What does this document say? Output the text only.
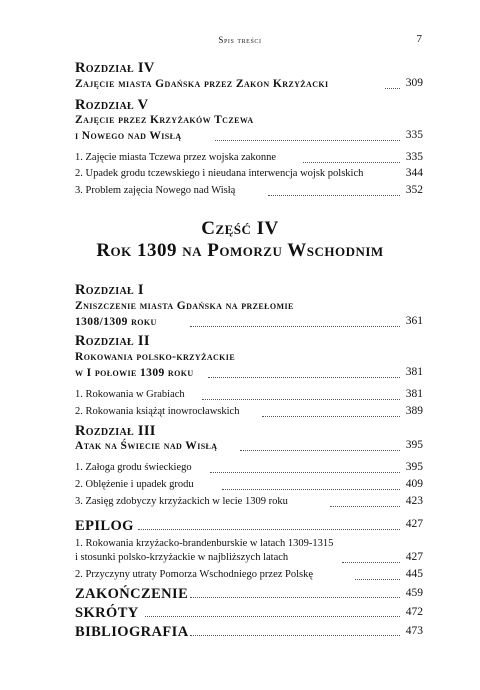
Spis treści	7
Rozdział IV
Zajęcie miasta Gdańska przez Zakon Krzyżacki	309
Rozdział V
Zajęcie przez Krzyżaków Tczewa
i Nowego nad Wisłą	335
1. Zajęcie miasta Tczewa przez wojska zakonne	335
2. Upadek grodu tczewskiego i nieudana interwencja wojsk polskich	344
3. Problem zajęcia Nowego nad Wisłą	352
Część IV
Rok 1309 na Pomorzu Wschodnim
Rozdział I
Zniszczenie miasta Gdańska na przełomie
1308/1309 roku	361
Rozdział II
Rokowania polsko-krzyżackie
w I połowie 1309 roku	381
1. Rokowania w Grabiach	381
2. Rokowania książąt inowrocławskich	389
Rozdział III
Atak na Świecie nad Wisłą	395
1. Załoga grodu świeckiego	395
2. Oblężenie i upadek grodu	409
3. Zasięg zdobyczy krzyżackich w lecie 1309 roku	423
EPILOG	427
1. Rokowania krzyżacko-brandenburskie w latach 1309-1315
i stosunki polsko-krzyżackie w najbliższych latach	427
2. Przyczyny utraty Pomorza Wschodniego przez Polskę	445
ZAKOŃCZENIE	459
SKRÓTY	472
BIBLIOGRAFIA	473
